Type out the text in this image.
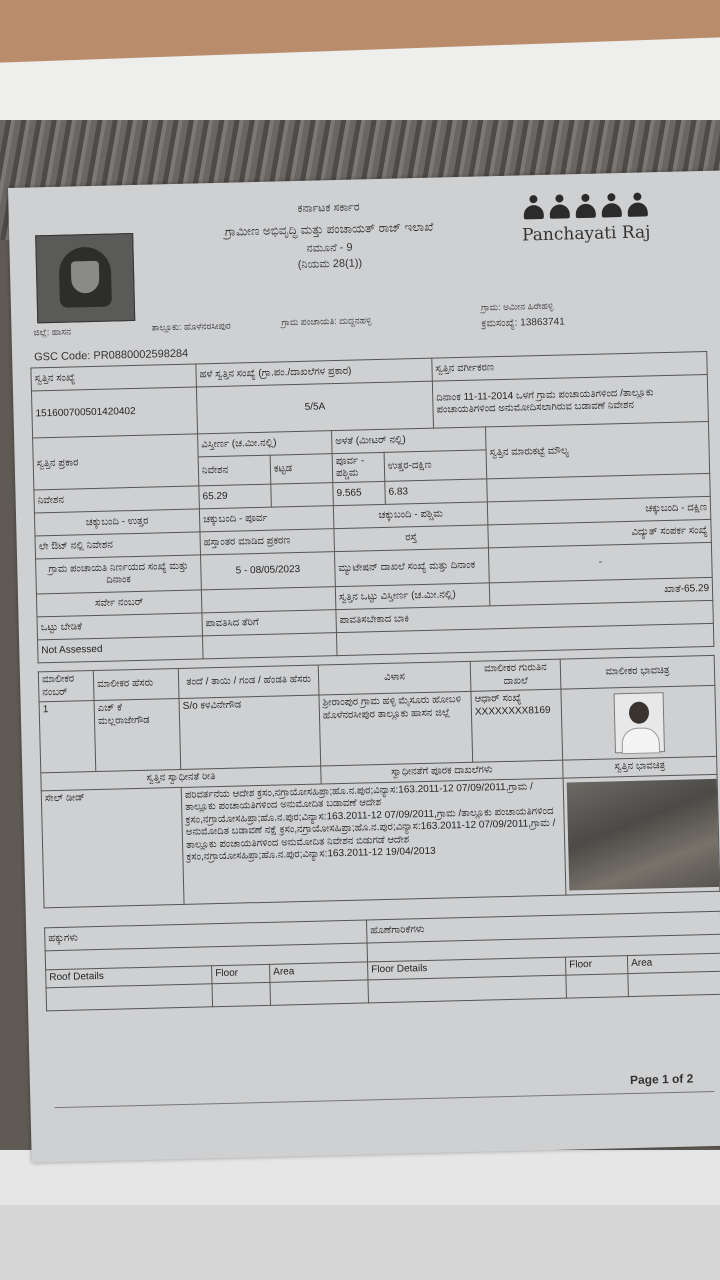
ಕರ್ನಾಟಕ ಸರ್ಕಾರ
ಗ್ರಾಮೀಣ ಅಭಿವೃದ್ಧಿ ಮತ್ತು ಪಂಚಾಯತ್ ರಾಜ್ ಇಲಾಖೆ
ನಮೂನೆ - 9
(ನಿಯಮ 28(1))
Panchayati Raj
ಜಿಲ್ಲೆ: ಹಾಸನ	ತಾಲ್ಲೂಕು: ಹೊಳೆನರಸೀಪುರ	ಗ್ರಾಮ ಪಂಚಾಯತಿ: ದುದ್ದನಹಳ್ಳಿ
ಗ್ರಾಮ: ಅಮೀನ ಹಿರೇಹಳ್ಳಿ
ಕ್ರಮಸಂಖ್ಯೆ: 13863741
GSC Code: PR0880002598284
ಸ್ವತ್ತಿನ ಸಂಖ್ಯೆ	ಹಳೆ ಸ್ವತ್ತಿನ ಸಂಖ್ಯೆ (ಗ್ರಾ.ಪಂ./ದಾಖಲೆಗಳ ಪ್ರಕಾರ)				ಸ್ವತ್ತಿನ ವರ್ಗೀಕರಣ	
151600700501420402	5/5A				ದಿನಾಂಕ 11-11-2014 ಒಳಗೆ ಗ್ರಾಮ ಪಂಚಾಯತಿಗಳಿಂದ /ತಾಲ್ಲೂಕು ಪಂಚಾಯತಿಗಳಿಂದ ಅನುಮೋದಿಸಲಾಗಿರುವ ಬಡಾವಣೆ ನಿವೇಶನ	
ಸ್ವತ್ತಿನ ಪ್ರಕಾರ	ವಿಸ್ತೀರ್ಣ (ಚ.ಮೀ.ನಲ್ಲಿ)		ಅಳತೆ (ಮೀಟರ್ ನಲ್ಲಿ)			ಸ್ವತ್ತಿನ ಮಾರುಕಟ್ಟೆ ಮೌಲ್ಯ
	ನಿವೇಶನ	ಕಟ್ಟಡ	ಪೂರ್ವ - ಪಶ್ಚಿಮ	ಉತ್ತರ-ದಕ್ಷಿಣ		
ನಿವೇಶನ	65.29		9.565	6.83		
ಚಕ್ಕುಬಂದಿ - ಉತ್ತರ	ಚಕ್ಕುಬಂದಿ - ಪೂರ್ವ		ಚಕ್ಕುಬಂದಿ - ಪಶ್ಚಿಮ			ಚಕ್ಕುಬಂದಿ - ದಕ್ಷಿಣ
ಲೇ ಔಟ್ ನಲ್ಲಿ ನಿವೇಶನ	ಹಸ್ತಾಂತರ ಮಾಡಿದ ಪ್ರಕರಣ		ರಸ್ತೆ			ವಿದ್ಯುತ್ ಸಂಪರ್ಕ ಸಂಖ್ಯೆ
ಗ್ರಾಮ ಪಂಚಾಯತಿ ನಿರ್ಣಯದ ಸಂಖ್ಯೆ ಮತ್ತು ದಿನಾಂಕ	5 - 08/05/2023		ಮ್ಯುಟೇಷನ್ ದಾಖಲೆ ಸಂಖ್ಯೆ ಮತ್ತು ದಿನಾಂಕ			-
ಸರ್ವೇ ನಂಬರ್			ಸ್ವತ್ತಿನ ಒಟ್ಟು ವಿಸ್ತೀರ್ಣ (ಚ.ಮೀ.ನಲ್ಲಿ)			ಖಾತೆ-65.29
ಒಟ್ಟು ಬೇಡಿಕೆ	ಪಾವತಿಸಿದ ತೆರಿಗೆ		ಪಾವತಿಸಬೇಕಾದ ಬಾಕಿ			
Not Assessed						
ಮಾಲೀಕರ ನಂಬರ್	ಮಾಲೀಕರ ಹೆಸರು	ತಂದೆ / ತಾಯಿ / ಗಂಡ / ಹೆಂಡತಿ ಹೆಸರು	ವಿಳಾಸ	ಮಾಲೀಕರ ಗುರುತಿನ ದಾಖಲೆ	ಮಾಲೀಕರ ಭಾವಚಿತ್ರ
1	ಎಚ್ ಕೆ ಮಲ್ಲರಾಜೇಗೌಡ	S/o ಕಳವಿನೇಗೌಡ	ಶ್ರೀರಾಂಪುರ ಗ್ರಾಮ ಹಳ್ಳಿ ಮೈಸೂರು ಹೋಬಳಿ ಹೊಳೆನರಸೀಪುರ ತಾಲ್ಲೂಕು ಹಾಸನ ಜಿಲ್ಲೆ	ಆಧಾರ್ ಸಂಖ್ಯೆ XXXXXXXX8169	

ಸ್ವತ್ತಿನ ಸ್ವಾಧೀನತೆ ರೀತಿ			ಸ್ವಾಧೀನತೆಗೆ ಪೂರಕ ದಾಖಲೆಗಳು		ಸ್ವತ್ತಿನ ಭಾವಚಿತ್ರ
ಸೇಲ್ ಡೀಡ್		ಪರಿವರ್ತನೆಯ ಆದೇಶ ಕ್ರಸಂ,ನಗ್ರಾಯೋಸಹಿಪ್ರಾ;ಹೊ.ನ.ಪುರ;ವಿನ್ಯಾಸ:163.2011-12 07/09/2011,ಗ್ರಾಮ /ತಾಲ್ಲೂಕು ಪಂಚಾಯತಿಗಳಿಂದ ಅನುಮೋದಿತ ಬಡಾವಣೆ ಆದೇಶ ಕ್ರಸಂ,ನಗ್ರಾಯೋಸಹಿಪ್ರಾ;ಹೊ.ನ.ಪುರ;ವಿನ್ಯಾಸ:163.2011-12 07/09/2011,ಗ್ರಾಮ /ತಾಲ್ಲೂಕು ಪಂಚಾಯತಿಗಳಿಂದ ಅನುಮೋದಿತ ಬಡಾವಣೆ ನಕ್ಷೆ ಕ್ರಸಂ,ನಗ್ರಾಯೋಸಹಿಪ್ರಾ;ಹೊ.ನ.ಪುರ;ವಿನ್ಯಾಸ:163.2011-12 07/09/2011,ಗ್ರಾಮ /ತಾಲ್ಲೂಕು ಪಂಚಾಯತಿಗಳಿಂದ ಅನುಮೋದಿತ ನಿವೇಶನ ಬಿಡುಗಡೆ ಆದೇಶ ಕ್ರಸಂ,ನಗ್ರಾಯೋಸಹಿಪ್ರಾ;ಹೊ.ನ.ಪುರ;ವಿನ್ಯಾಸ:163.2011-12 19/04/2013			
ಹಕ್ಕುಗಳು			ಹೊಣೆಗಾರಿಕೆಗಳು		

Roof Details	Floor	Area	Floor Details	Floor	Area

Page 1 of 2
